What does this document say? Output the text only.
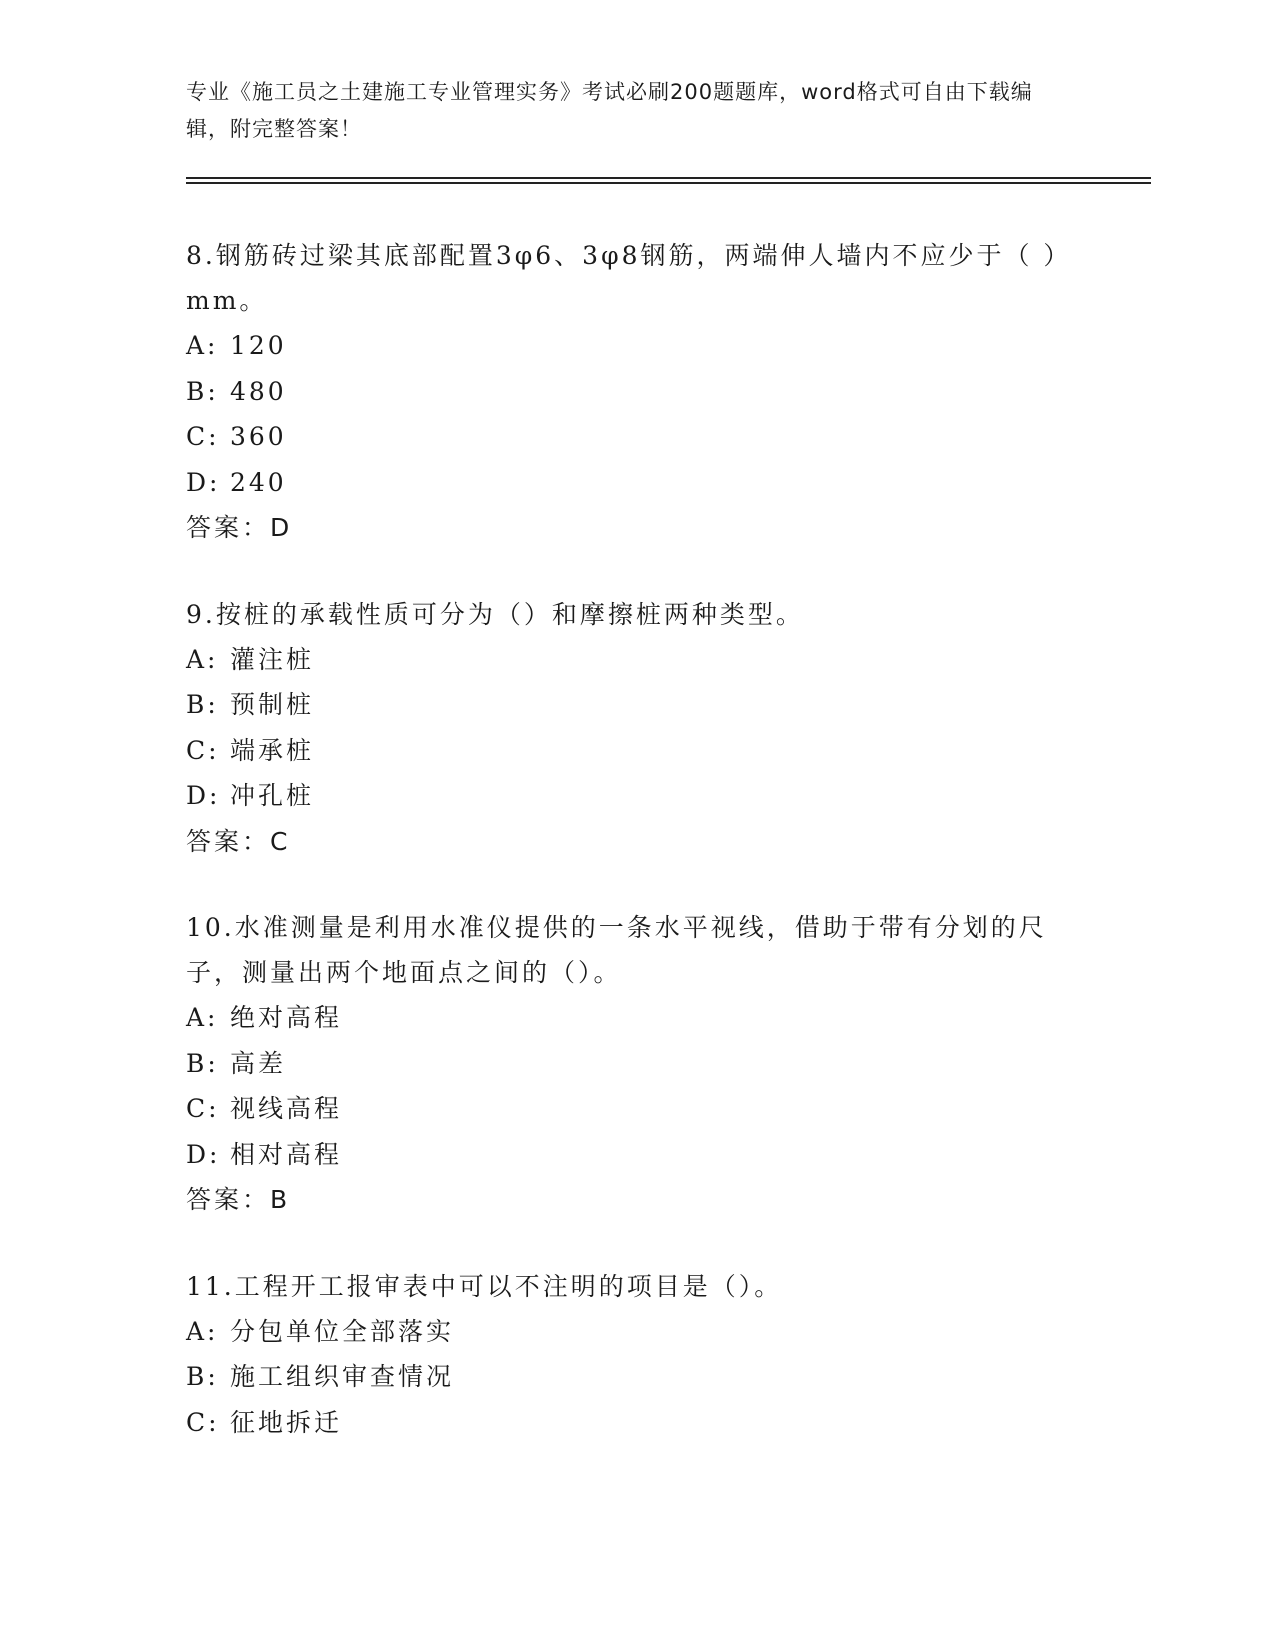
专业《施工员之土建施工专业管理实务》考试必刷200题题库，word格式可自由下载编辑，附完整答案！

8.钢筋砖过梁其底部配置3φ6、3φ8钢筋，两端伸人墙内不应少于（ ）mm。

A: 120

B: 480

C: 360

D: 240

答案：D

9.按桩的承载性质可分为（）和摩擦桩两种类型。

A: 灌注桩

B: 预制桩

C: 端承桩

D: 冲孔桩

答案：C

10.水准测量是利用水准仪提供的一条水平视线，借助于带有分划的尺子，测量出两个地面点之间的（）。

A: 绝对高程

B: 高差

C: 视线高程

D: 相对高程

答案：B

11.工程开工报审表中可以不注明的项目是（）。

A: 分包单位全部落实

B: 施工组织审查情况

C: 征地拆迁
